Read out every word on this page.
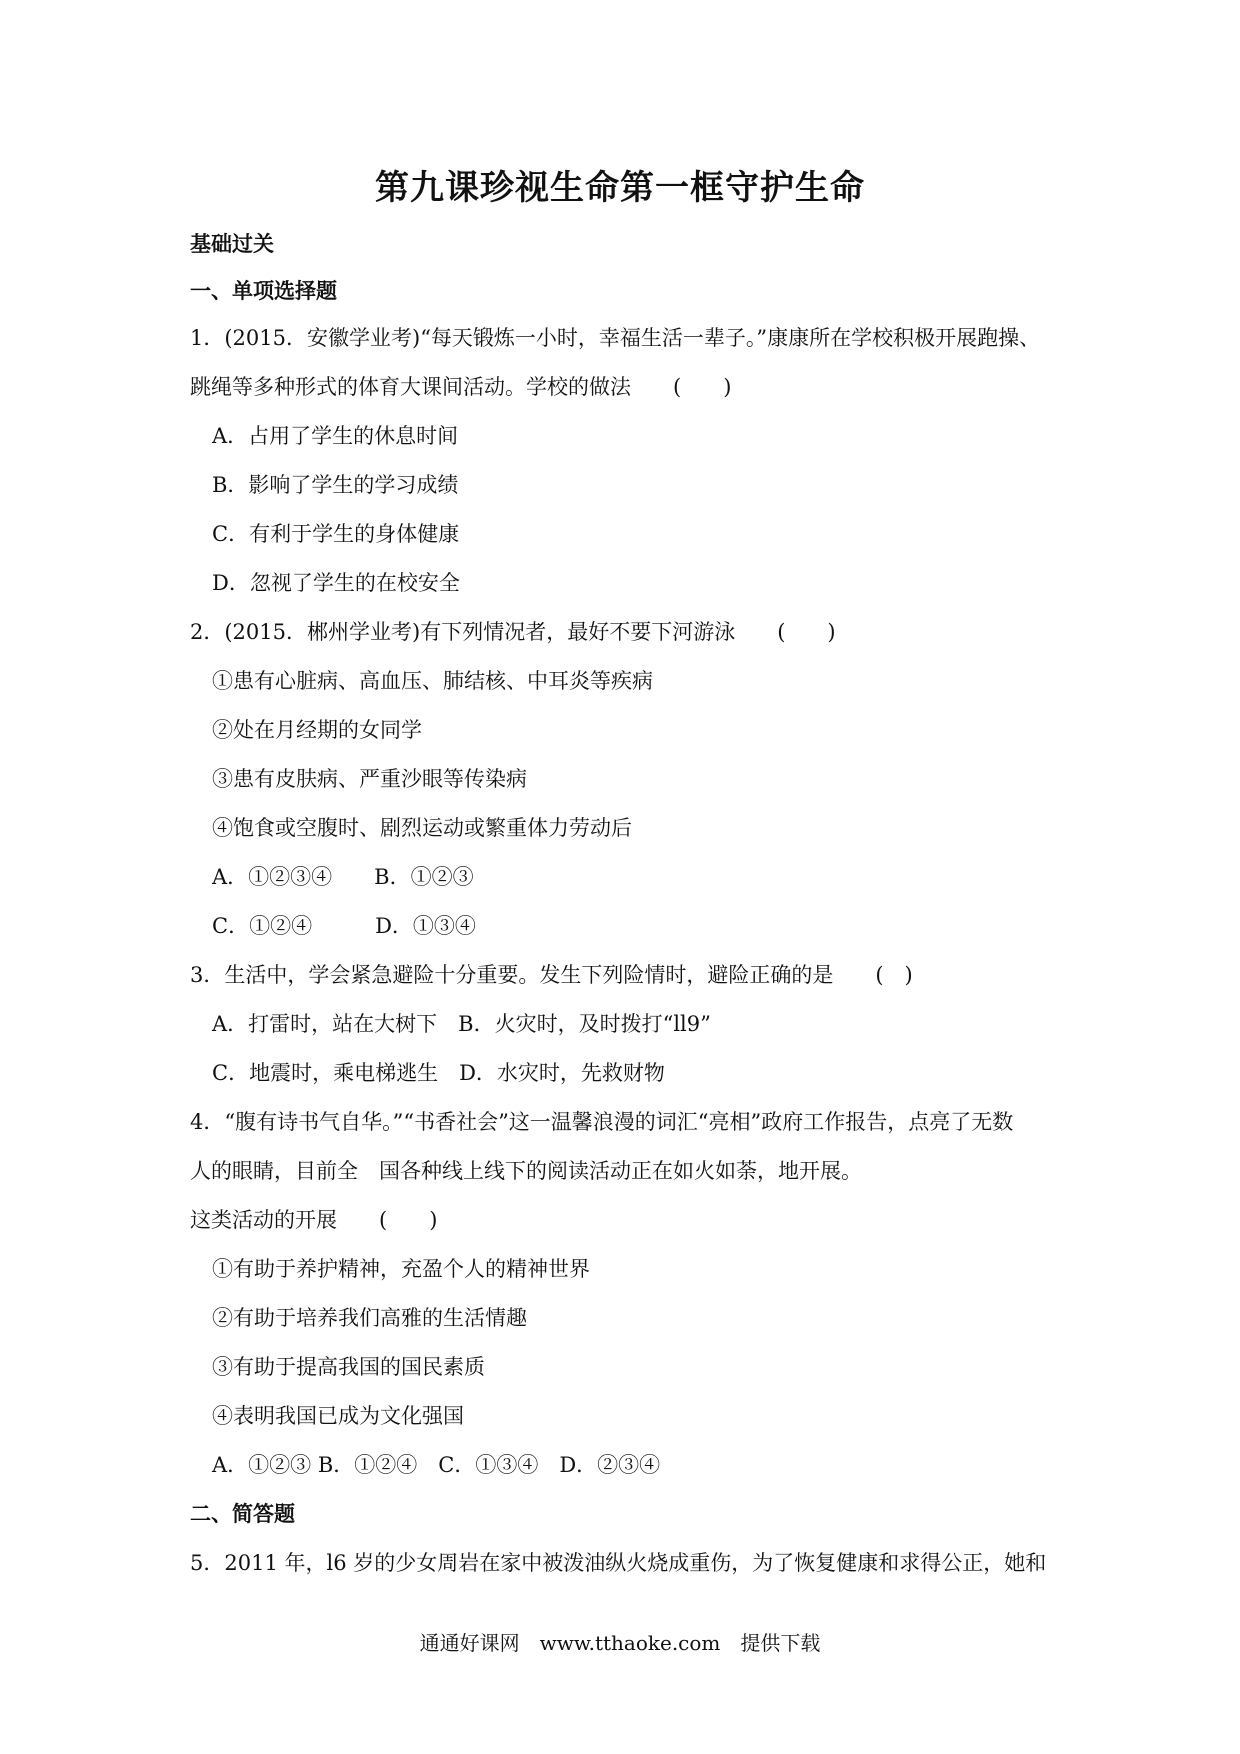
第九课珍视生命第一框守护生命
基础过关
一、单项选择题
1．(2015．安徽学业考)“每天锻炼一小时，幸福生活一辈子。”康康所在学校积极开展跑操、
跳绳等多种形式的体育大课间活动。学校的做法　　(　　)
A．占用了学生的休息时间
B．影响了学生的学习成绩
C．有利于学生的身体健康
D．忽视了学生的在校安全
2．(2015．郴州学业考)有下列情况者，最好不要下河游泳　　(　　)
①患有心脏病、高血压、肺结核、中耳炎等疾病
②处在月经期的女同学
③患有皮肤病、严重沙眼等传染病
④饱食或空腹时、剧烈运动或繁重体力劳动后
A．①②③④　　B．①②③
C．①②④　　　D．①③④
3．生活中，学会紧急避险十分重要。发生下列险情时，避险正确的是　　(　)
A．打雷时，站在大树下　B．火灾时，及时拨打“ll9”
C．地震时，乘电梯逃生　D．水灾时，先救财物
4．“腹有诗书气自华。”“书香社会”这一温馨浪漫的词汇“亮相”政府工作报告，点亮了无数
人的眼睛，目前全　国各种线上线下的阅读活动正在如火如荼，地开展。
这类活动的开展　　(　　)
①有助于养护精神，充盈个人的精神世界
②有助于培养我们高雅的生活情趣
③有助于提高我国的国民素质
④表明我国已成为文化强国
A．①②③ B．①②④　C．①③④　D．②③④
二、简答题
5．2011 年，l6 岁的少女周岩在家中被泼油纵火烧成重伤，为了恢复健康和求得公正，她和
通通好课网　www.tthaoke.com　提供下载
